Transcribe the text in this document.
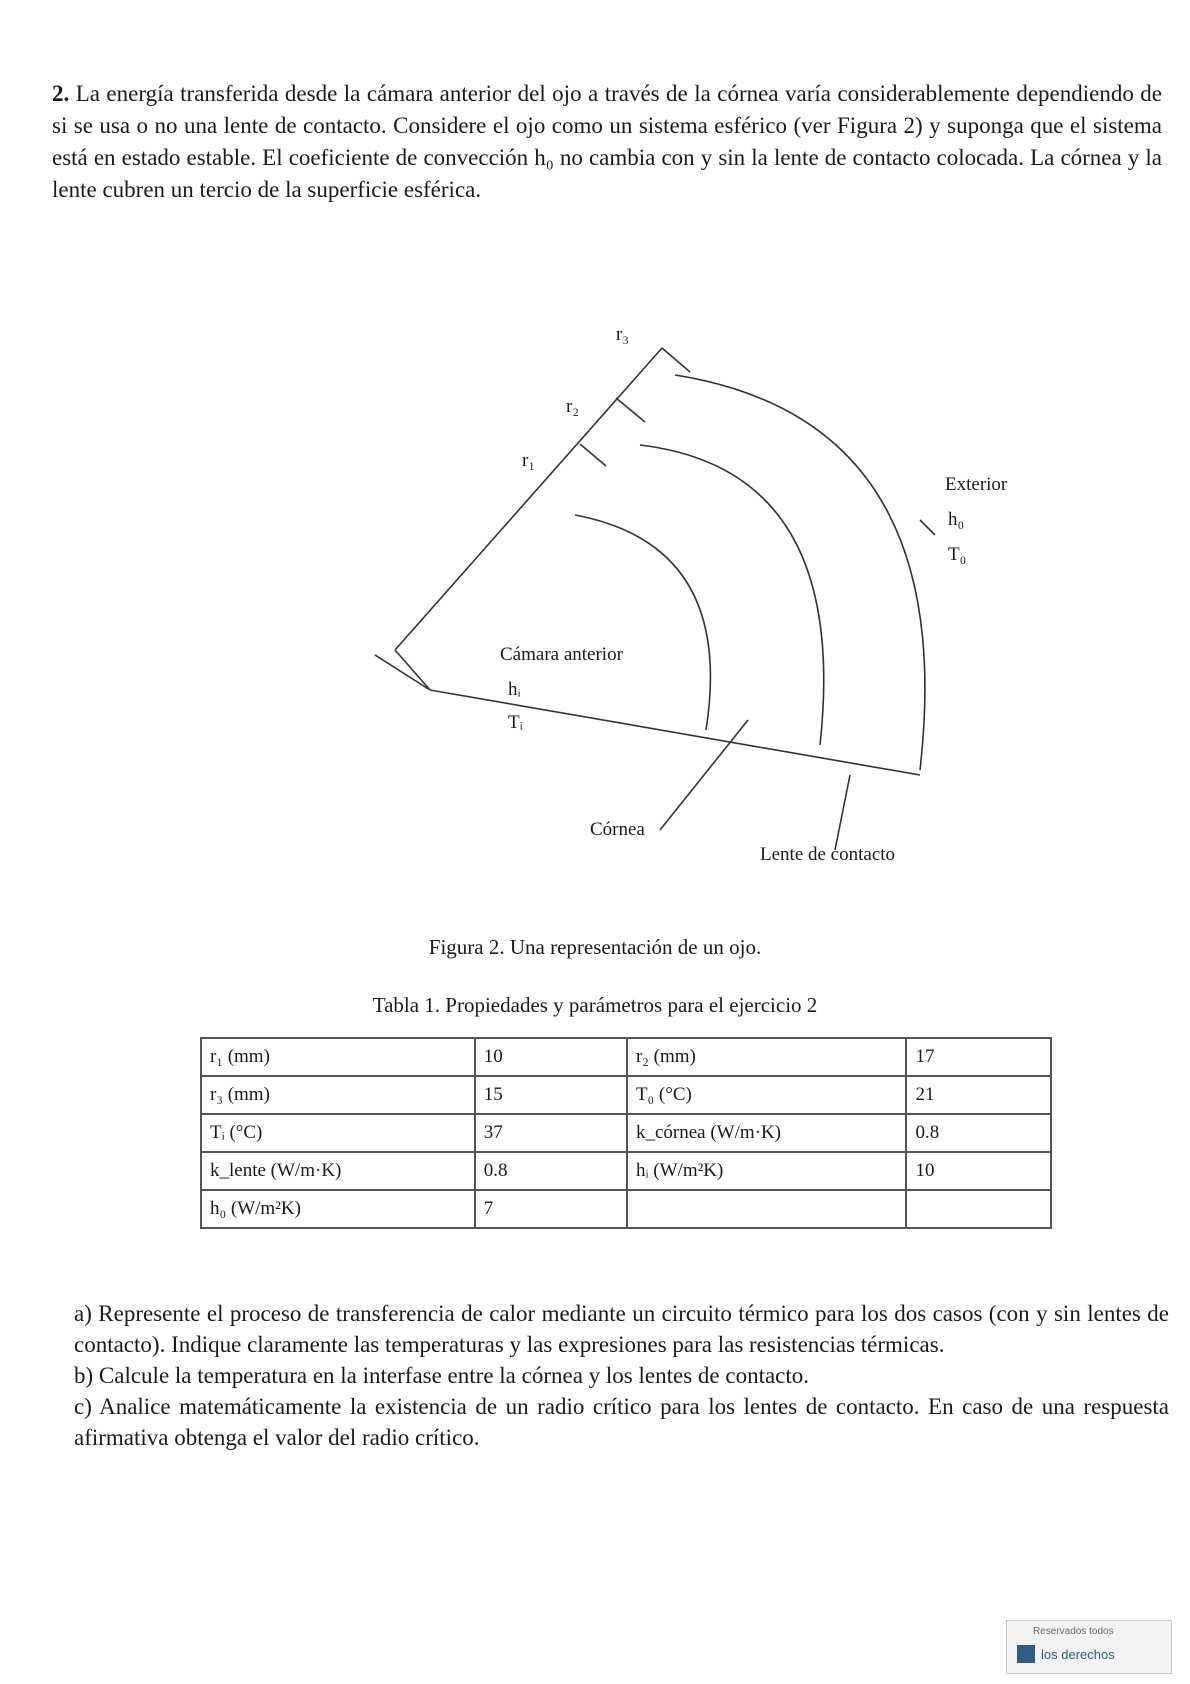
2. La energía transferida desde la cámara anterior del ojo a través de la córnea varía considerablemente dependiendo de si se usa o no una lente de contacto. Considere el ojo como un sistema esférico (ver Figura 2) y suponga que el sistema está en estado estable. El coeficiente de convección h₀ no cambia con y sin la lente de contacto colocada. La córnea y la lente cubren un tercio de la superficie esférica.

r₃
r₂
r₁
Exterior
h₀
T₀
Cámara anterior
hᵢ
Tᵢ
Córnea
Lente de contacto

Figura 2. Una representación de un ojo.

Tabla 1. Propiedades y parámetros para el ejercicio 2

r₁ (mm)	10	r₂ (mm)	17
r₃ (mm)	15	T₀ (°C)	21
Tᵢ (°C)	37	k_córnea (W/m·K)	0.8
k_lente (W/m·K)	0.8	hᵢ (W/m²K)	10
h₀ (W/m²K)	7		

a) Represente el proceso de transferencia de calor mediante un circuito térmico para los dos casos (con y sin lentes de contacto). Indique claramente las temperaturas y las expresiones para las resistencias térmicas.

b) Calcule la temperatura en la interfase entre la córnea y los lentes de contacto.

c) Analice matemáticamente la existencia de un radio crítico para los lentes de contacto. En caso de una respuesta afirmativa obtenga el valor del radio crítico.

Reservados todos
los derechos
